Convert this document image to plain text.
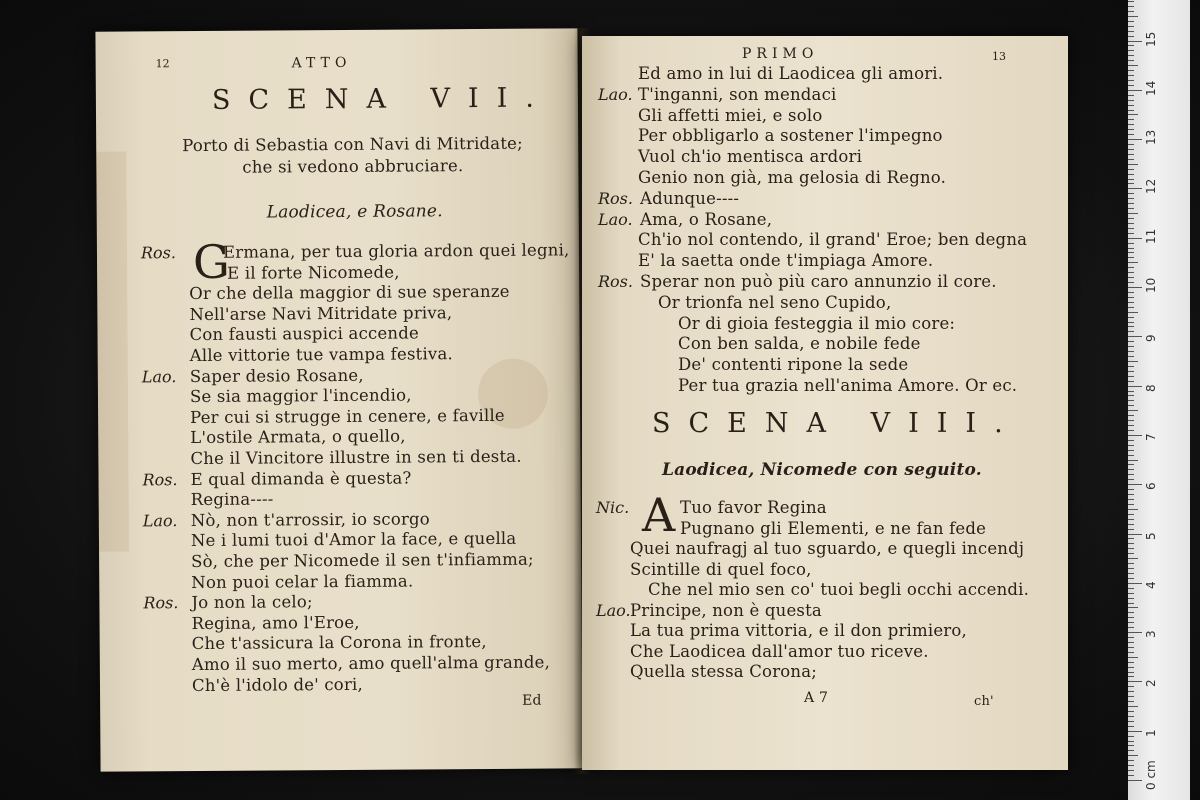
12	ATTO
SCENA VII.
Porto di Sebastia con Navi di Mitridate;
che si vedono abbruciare.
Laodicea, e Rosane.
G
Ros.	Ermana, per tua gloria ardon quei legni,
E il forte Nicomede,
Or che della maggior di sue speranze
Nell'arse Navi Mitridate priva,
Con fausti auspici accende
Alle vittorie tue vampa festiva.
Lao. Saper desio Rosane,
Se sia maggior l'incendio,
Per cui si strugge in cenere, e faville
L'ostile Armata, o quello,
Che il Vincitore illustre in sen ti desta.
Ros. E qual dimanda è questa?
Regina----
Lao. Nò, non t'arrossir, io scorgo
Ne i lumi tuoi d'Amor la face, e quella
Sò, che per Nicomede il sen t'infiamma;
Non puoi celar la fiamma.
Ros. Jo non la celo;
Regina, amo l'Eroe,
Che t'assicura la Corona in fronte,
Amo il suo merto, amo quell'alma grande,
Ch'è l'idolo de' cori,
Ed
PRIMO	13
Ed amo in lui di Laodicea gli amori.
Lao. T'inganni, son mendaci
Gli affetti miei, e solo
Per obbligarlo a sostener l'impegno
Vuol ch'io mentisca ardori
Genio non già, ma gelosia di Regno.
Ros. Adunque----
Lao. Ama, o Rosane,
Ch'io nol contendo, il grand' Eroe; ben degna
E' la saetta onde t'impiaga Amore.
Ros. Sperar non può più caro annunzio il core.
Or trionfa nel seno Cupido,
Or di gioia festeggia il mio core:
Con ben salda, e nobile fede
De' contenti ripone la sede
Per tua grazia nell'anima Amore. Or ec.
SCENA VIII.
Laodicea, Nicomede con seguito.
A
Nic.	Tuo favor Regina
Pugnano gli Elementi, e ne fan fede
Quei naufragj al tuo sguardo, e quegli incendj
Scintille di quel foco,
Che nel mio sen co' tuoi begli occhi accendi.
Lao. Principe, non è questa
La tua prima vittoria, e il don primiero,
Che Laodicea dall'amor tuo riceve.
Quella stessa Corona;
A 7	ch'
15
14
13
12
11
10
9
8
7
6
5
4
3
2
1
0 cm
